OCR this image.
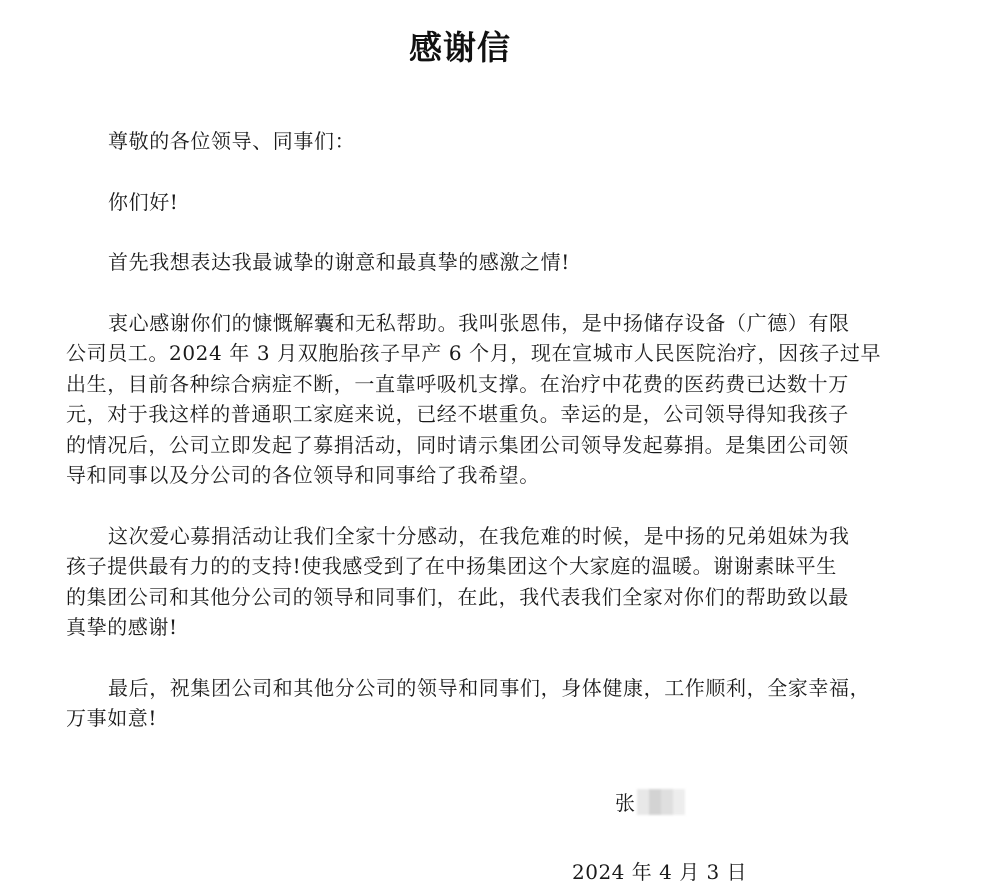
感谢信

尊敬的各位领导、同事们：

你们好!

首先我想表达我最诚挚的谢意和最真挚的感激之情!

衷心感谢你们的慷慨解囊和无私帮助。我叫张恩伟，是中扬储存设备（广德）有限
公司员工。2024 年 3 月双胞胎孩子早产 6 个月，现在宣城市人民医院治疗，因孩子过早
出生，目前各种综合病症不断，一直靠呼吸机支撑。在治疗中花费的医药费已达数十万
元，对于我这样的普通职工家庭来说，已经不堪重负。幸运的是，公司领导得知我孩子
的情况后，公司立即发起了募捐活动，同时请示集团公司领导发起募捐。是集团公司领
导和同事以及分公司的各位领导和同事给了我希望。

这次爱心募捐活动让我们全家十分感动，在我危难的时候，是中扬的兄弟姐妹为我
孩子提供最有力的的支持!使我感受到了在中扬集团这个大家庭的温暖。谢谢素昧平生
的集团公司和其他分公司的领导和同事们，在此，我代表我们全家对你们的帮助致以最
真挚的感谢!

最后，祝集团公司和其他分公司的领导和同事们，身体健康，工作顺利，全家幸福，
万事如意!

张
2024 年 4 月 3 日
